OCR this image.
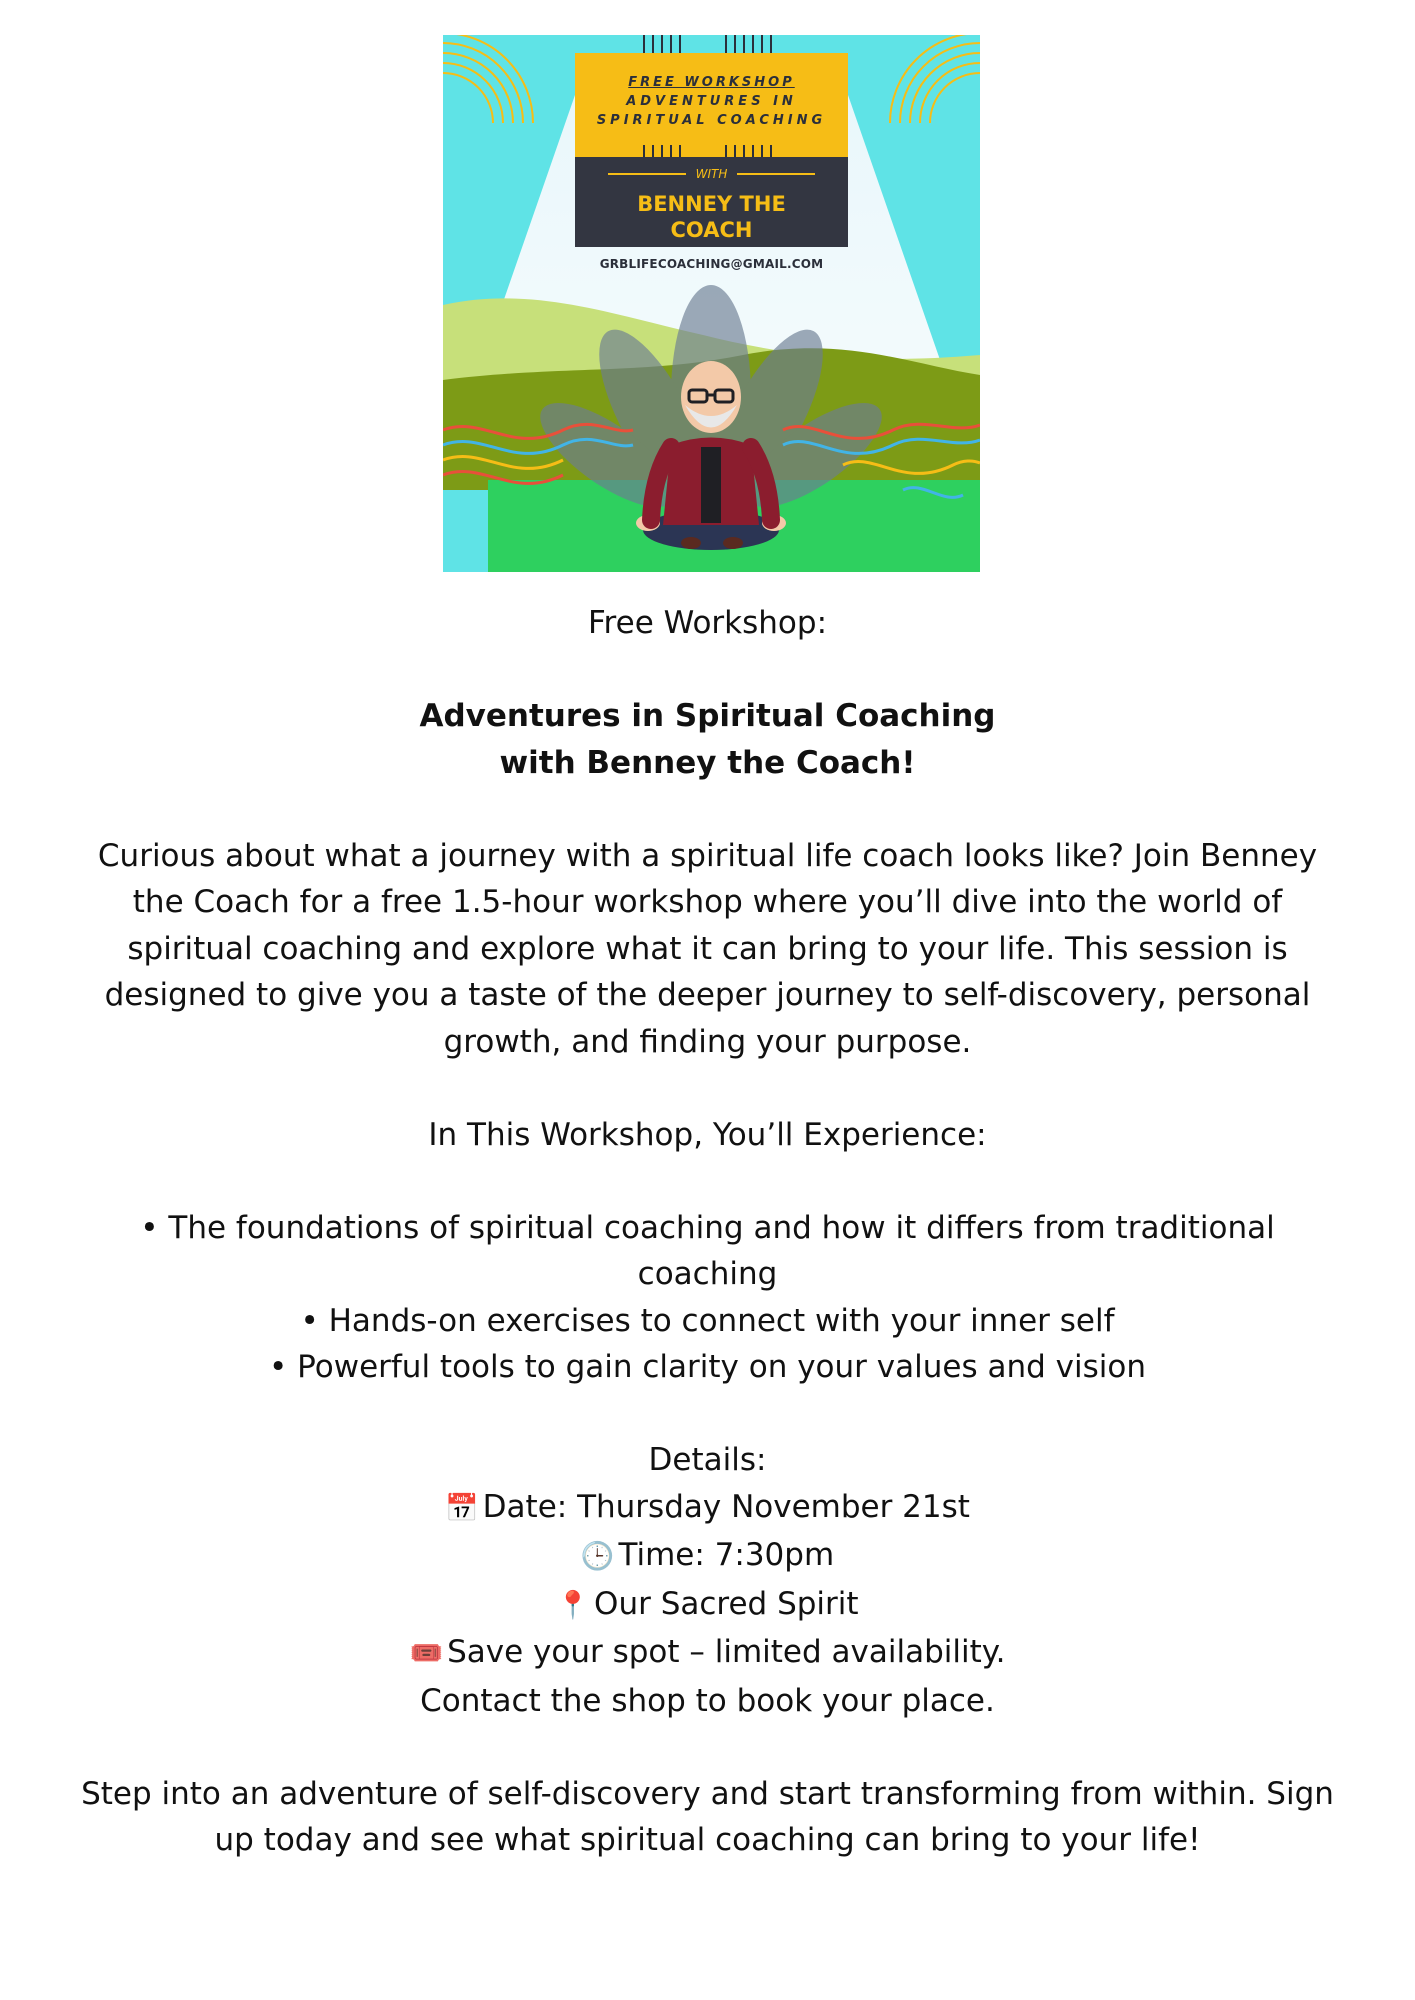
FREE WORKSHOP
ADVENTURES IN
SPIRITUAL COACHING
WITH
BENNEY THE COACH
GRBLIFECOACHING@GMAIL.COM

Free Workshop:

Adventures in Spiritual Coaching

with Benney the Coach!

Curious about what a journey with a spiritual life coach looks like? Join Benney the Coach for a free 1.5-hour workshop where you’ll dive into the world of spiritual coaching and explore what it can bring to your life. This session is designed to give you a taste of the deeper journey to self-discovery, personal growth, and finding your purpose.

In This Workshop, You’ll Experience:

• The foundations of spiritual coaching and how it differs from traditional coaching

• Hands-on exercises to connect with your inner self

• Powerful tools to gain clarity on your values and vision

Details:

📅 Date: Thursday November 21st

🕒 Time: 7:30pm

📍 Our Sacred Spirit

🎟️ Save your spot – limited availability.

Contact the shop to book your place.

Step into an adventure of self-discovery and start transforming from within. Sign up today and see what spiritual coaching can bring to your life!
